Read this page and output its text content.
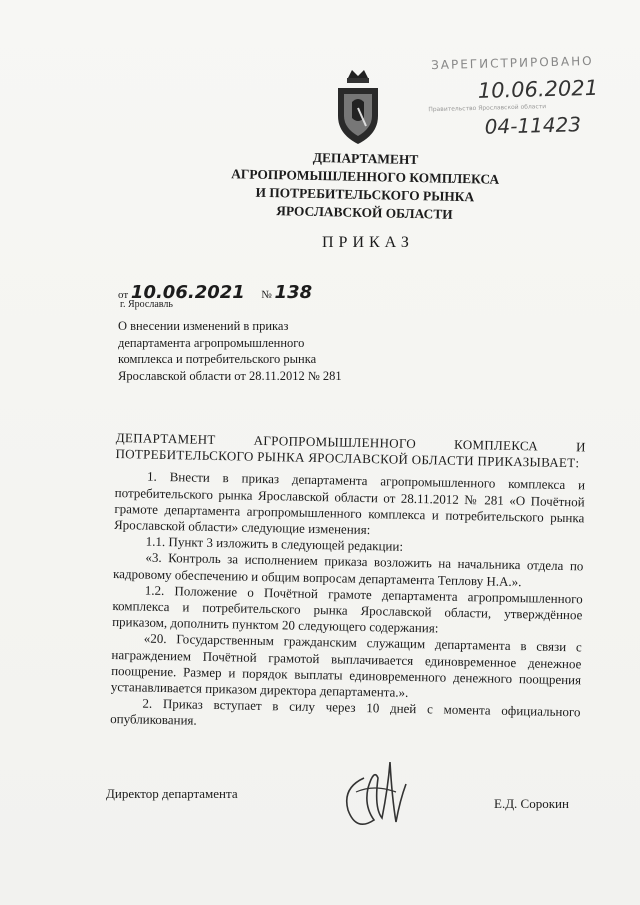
ЗАРЕГИСТРИРОВАНО
10.06.2021
Правительство Ярославской области
04-11423
ДЕПАРТАМЕНТ
АГРОПРОМЫШЛЕННОГО КОМПЛЕКСА
И ПОТРЕБИТЕЛЬСКОГО РЫНКА
ЯРОСЛАВСКОЙ ОБЛАСТИ
ПРИКАЗ
от 10.06.2021 № 138
г. Ярославль
О внесении изменений в приказ департамента агропромышленного комплекса и потребительского рынка Ярославской области от 28.11.2012 № 281

ДЕПАРТАМЕНТ АГРОПРОМЫШЛЕННОГО КОМПЛЕКСА И ПОТРЕБИТЕЛЬСКОГО РЫНКА ЯРОСЛАВСКОЙ ОБЛАСТИ ПРИКАЗЫВАЕТ:

1. Внести в приказ департамента агропромышленного комплекса и потребительского рынка Ярославской области от 28.11.2012 № 281 «О Почётной грамоте департамента агропромышленного комплекса и потребительского рынка Ярославской области» следующие изменения:

1.1. Пункт 3 изложить в следующей редакции:

«3. Контроль за исполнением приказа возложить на начальника отдела по кадровому обеспечению и общим вопросам департамента Теплову Н.А.».

1.2. Положение о Почётной грамоте департамента агропромышленного комплекса и потребительского рынка Ярославской области, утверждённое приказом, дополнить пунктом 20 следующего содержания:

«20. Государственным гражданским служащим департамента в связи с награждением Почётной грамотой выплачивается единовременное денежное поощрение. Размер и порядок выплаты единовременного денежного поощрения устанавливается приказом директора департамента.».

2. Приказ вступает в силу через 10 дней с момента официального опубликования.

Директор департамента
Е.Д. Сорокин
